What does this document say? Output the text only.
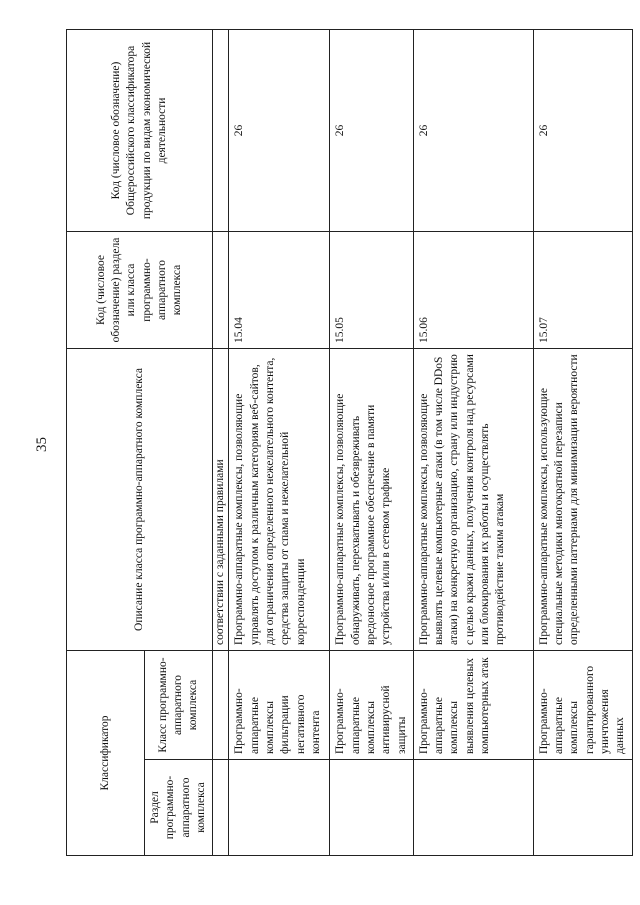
35
Классификатор		Описание класса программно-аппаратного комплекса	Код (числовое обозначение) раздела или класса программно-аппаратного комплекса	Код (числовое обозначение) Общероссийского классификатора продукции по видам экономической деятельности
Раздел программно-аппаратного комплекса	Класс программно-аппаратного комплекса			
		соответствии с заданными правилами		
	Программно-аппаратные комплексы фильтрации негативного контента	Программно-аппаратные комплексы, позволяющие управлять доступом к различным категориям веб-сайтов, для ограничения определенного нежелательного контента, средства защиты от спама и нежелательной корреспонденции	15.04	26
	Программно-аппаратные комплексы антивирусной защиты	Программно-аппаратные комплексы, позволяющие обнаруживать, перехватывать и обезвреживать вредоносное программное обеспечение в памяти устройства и/или в сетевом трафике	15.05	26
	Программно-аппаратные комплексы выявления целевых компьютерных атак	Программно-аппаратные комплексы, позволяющие выявлять целевые компьютерные атаки (в том числе DDoS атаки) на конкретную организацию, страну или индустрию с целью кражи данных, получения контроля над ресурсами или блокирования их работы и осуществлять противодействие таким атакам	15.06	26
	Программно-аппаратные комплексы гарантированного уничтожения данных	Программно-аппаратные комплексы, использующие специальные методики многократной перезаписи определенными паттернами для минимизации вероятности	15.07	26
